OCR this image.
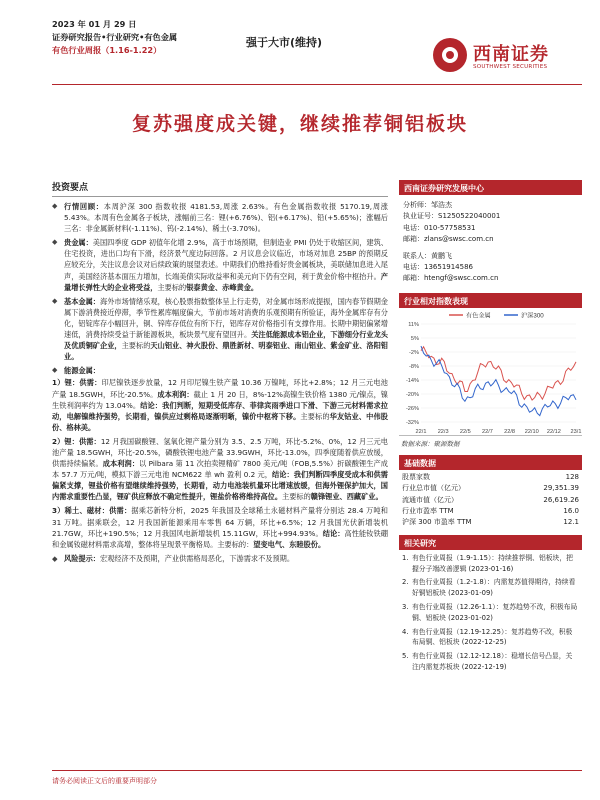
2023 年 01 月 29 日
证券研究报告•行业研究•有色金属
有色行业周报（1.16-1.22）
强于大市(维持)
西南证券
SOUTHWEST SECURITIES
复苏强度成关键，继续推荐铜铝板块
投资要点
◆ 行情回顾：本周沪深 300 指数收报 4181.53,周涨 2.63%。有色金属指数收报 5170.19,周涨 5.43%。本周有色金属各子板块，涨幅前三名：锂(+6.76%)、铝(+6.17%)、铅(+5.65%)；涨幅后三名：非金属新材料(-1.11%)、钨(-2.14%)、稀土(-3.70%)。
◆ 贵金属：美国四季度 GDP 初值年化增 2.9%，高于市场预期，但制造业 PMI 仍处于收缩区间，建筑、住宅投资，进出口均有下滑，经济景气度边际回落。2 月议息会议临近，市场对加息 25BP 的预期反应较充分，关注议息会议对后续政策的展望表述。中期我们仍维持看好贵金属板块，美联储加息进入尾声，美国经济基本面压力增加，长端美债实际收益率和美元向下仍有空间，利于黄金价格中枢抬升。产量增长弹性大的企业将受益，主要标的银泰黄金、赤峰黄金。
◆ 基本金属：海外市场情绪乐观，核心股票指数整体呈上行走势，对金属市场形成提振，国内春节假期金属下游消费接近停滞，季节性累库幅度偏大，节前市场对消费的乐观预期有所验证，海外金属库存有分化，铝锭库存小幅回升，铜、锌库存低位有所下行，铝库存对价格指引有支撑作用。长期中期铝偏紧增速低，消费持续受益于新能源板块，板块景气度有望回升。关注低能源成本铝企业，下游细分行业龙头及优质铜矿企业，主要标的天山铝业、神火股份、鼎胜新材、明泰铝业、南山铝业、紫金矿业、洛阳钼业。
◆ 能源金属：
1）锂：供需：印尼镍铁逐步放量，12 月印尼镍生铁产量 10.36 万镍吨，环比+2.8%；12 月三元电池产量 18.5GWH，环比-20.5%。成本利润：截止 1 月 20 日，8%-12%高镍生铁价格 1380 元/镍点，镍生铁利润率约为 13.04%。结论：我们判断，短期受低库存、菲律宾雨季进口下滑、下游三元材料需求拉动，电解镍维持强势，长期看，镍供应过剩格局逐渐明晰，镍价中枢将下移。主要标的华友钴业、中伟股份、格林美。
2）锂：供需：12 月我国碳酸锂、氢氧化锂产量分别为 3.5、2.5 万吨，环比-5.2%、0%，12 月三元电池产量 18.5GWH，环比-20.5%，磷酸铁锂电池产量 33.9GWH，环比-13.0%，四季度随着供应放缓，供需持续偏紧。成本利润：以 Pilbara 第 11 次拍卖锂精矿 7800 美元/吨（FOB,5.5%）折碳酸锂生产成本 57.7 万元/吨，模拟下游三元电池 NCM622 单 wh 盈利 0.2 元，结论：我们判断四季度受成本和供需偏紧支撑，锂盐价格有望继续维持强势，长期看，动力电池装机量环比增速放缓，但海外锂保护加大，国内需求重要性凸显，锂矿供应释放不确定性提升，锂盐价格将维持高位。主要标的赣锋锂业、西藏矿业。
3）稀土、磁材：供需：据乘芯新特分析，2025 年我国及全球稀土永磁材料产量将分别达 28.4 万吨和 31 万吨。据乘联会，12 月我国新能源乘用车零售 64 万辆，环比+6.5%；12 月我国光伏新增装机 21.7GW，环比+190.5%；12 月我国风电新增装机 15.11GW，环比+994.93%。结论：高性能钕铁硼和金属钕磁材料需求高增，整体将呈现景平衡格局。主要标的：望变电气、东睦股份。
◆ 风险提示：宏观经济不及预期，产业供需格局恶化，下游需求不及预期。
西南证券研究发展中心
分析师：邹浩杰
执业证号：S1250522040001
电话：010-57758531
邮箱：zlans@swsc.com.cn
联系人：黄鹏飞
电话：13651914586
邮箱：htengf@swsc.com.cn
行业相对指数表现
有色金属	沪深300
11%
5%
-2%
-8%
-14%
-20%
-26%
-32%
22/1 22/3 22/5 22/7 22/8 22/10 22/12 23/1
数据来源：聚源数据
基础数据
股票家数	128
行业总市值（亿元）	29,351.39
流通市值（亿元）	26,619.26
行业市盈率 TTM	16.0
沪深 300 市盈率 TTM	12.1
相关研究
1. 有色行业周报（1.9-1.15）：持续推荐铜、铝板块，把握分子端改善逻辑 (2023-01-16)
2. 有色行业周报（1.2-1.8）：内需复苏值得期待，持续看好铜铝板块 (2023-01-09)
3. 有色行业周报（12.26-1.1）：复苏趋势不改，积极布局铜、铝板块 (2023-01-02)
4. 有色行业周报（12.19-12.25）：复苏趋势不改，积极布局铜、铝板块 (2022-12-25)
5. 有色行业周报（12.12-12.18）：稳增长信号凸显，关注内需复苏板块 (2022-12-19)
请务必阅读正文后的重要声明部分
